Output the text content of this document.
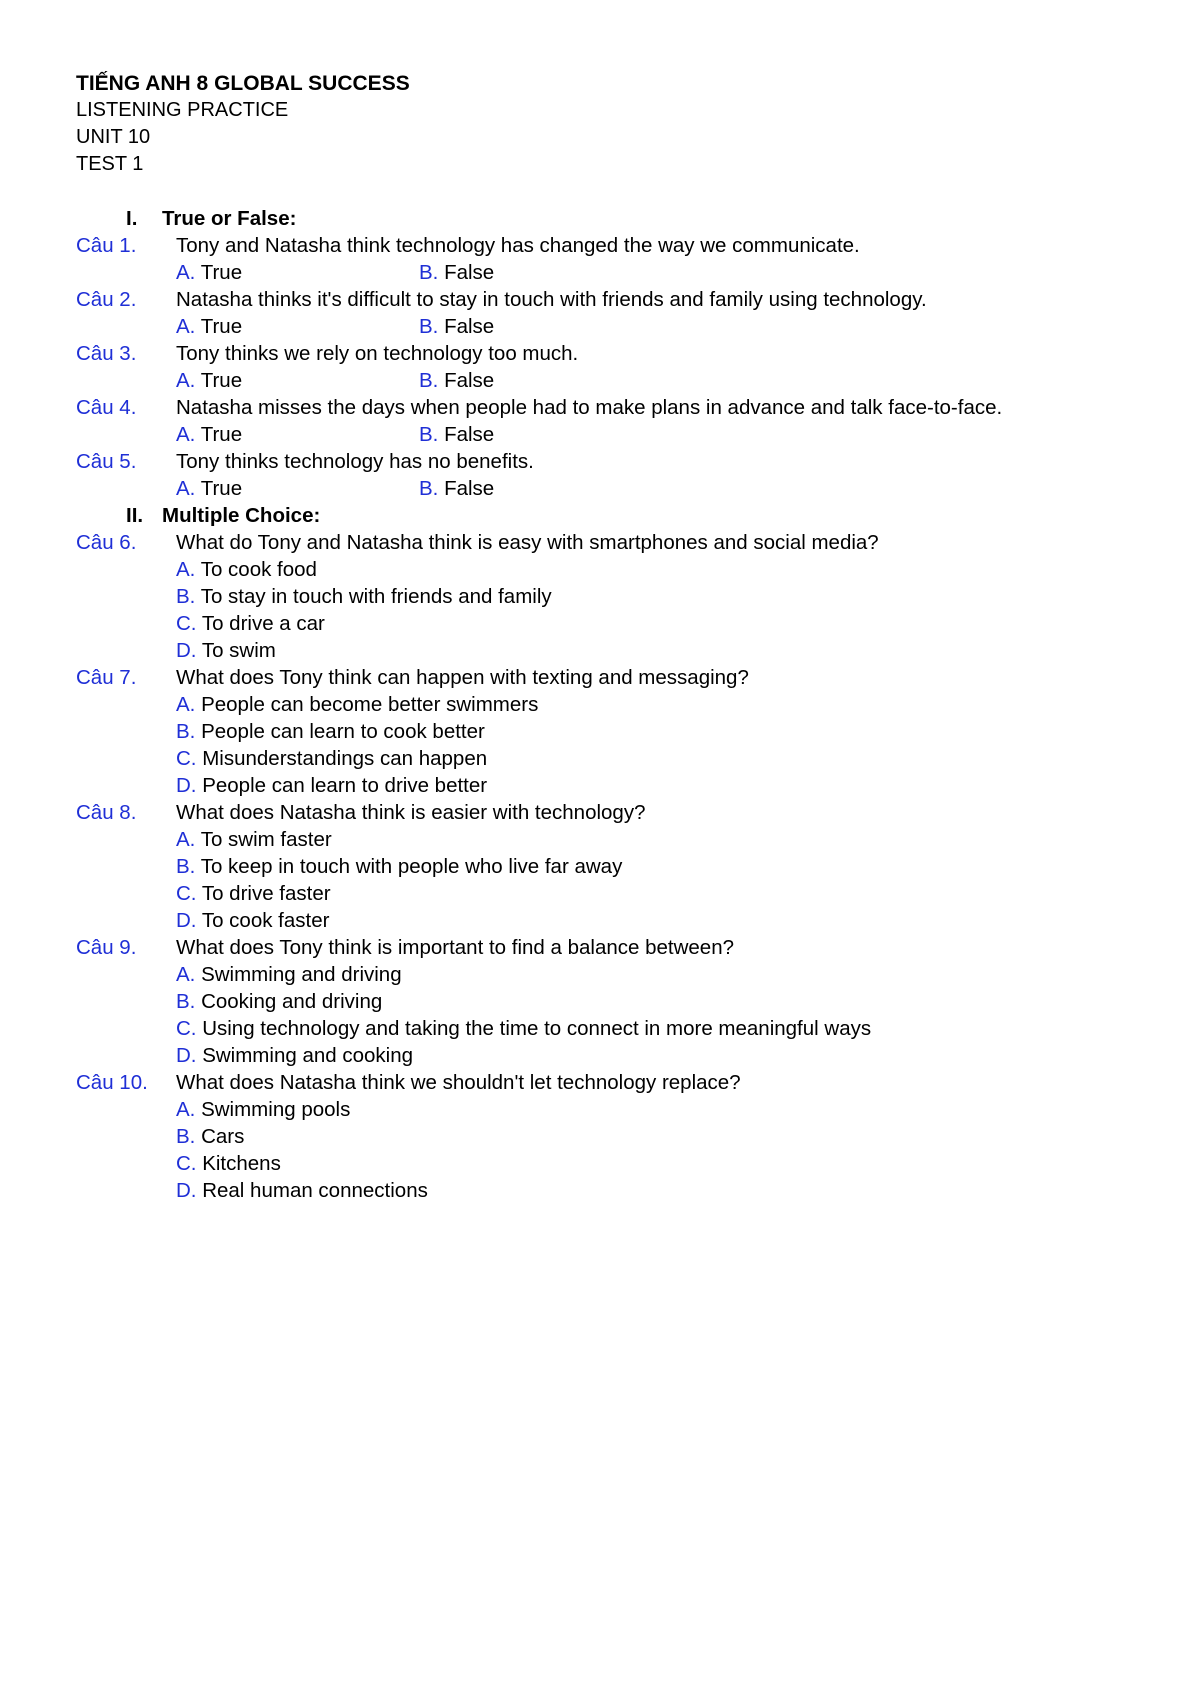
TIẾNG ANH 8 GLOBAL SUCCESS
LISTENING PRACTICE
UNIT 10
TEST 1
I. True or False:
Câu 1. Tony and Natasha think technology has changed the way we communicate.
A. True	B. False
Câu 2. Natasha thinks it's difficult to stay in touch with friends and family using technology.
A. True	B. False
Câu 3. Tony thinks we rely on technology too much.
A. True	B. False
Câu 4. Natasha misses the days when people had to make plans in advance and talk face-to-face.
A. True	B. False
Câu 5. Tony thinks technology has no benefits.
A. True	B. False
II. Multiple Choice:
Câu 6. What do Tony and Natasha think is easy with smartphones and social media?
A. To cook food
B. To stay in touch with friends and family
C. To drive a car
D. To swim
Câu 7. What does Tony think can happen with texting and messaging?
A. People can become better swimmers
B. People can learn to cook better
C. Misunderstandings can happen
D. People can learn to drive better
Câu 8. What does Natasha think is easier with technology?
A. To swim faster
B. To keep in touch with people who live far away
C. To drive faster
D. To cook faster
Câu 9. What does Tony think is important to find a balance between?
A. Swimming and driving
B. Cooking and driving
C. Using technology and taking the time to connect in more meaningful ways
D. Swimming and cooking
Câu 10. What does Natasha think we shouldn't let technology replace?
A. Swimming pools
B. Cars
C. Kitchens
D. Real human connections
